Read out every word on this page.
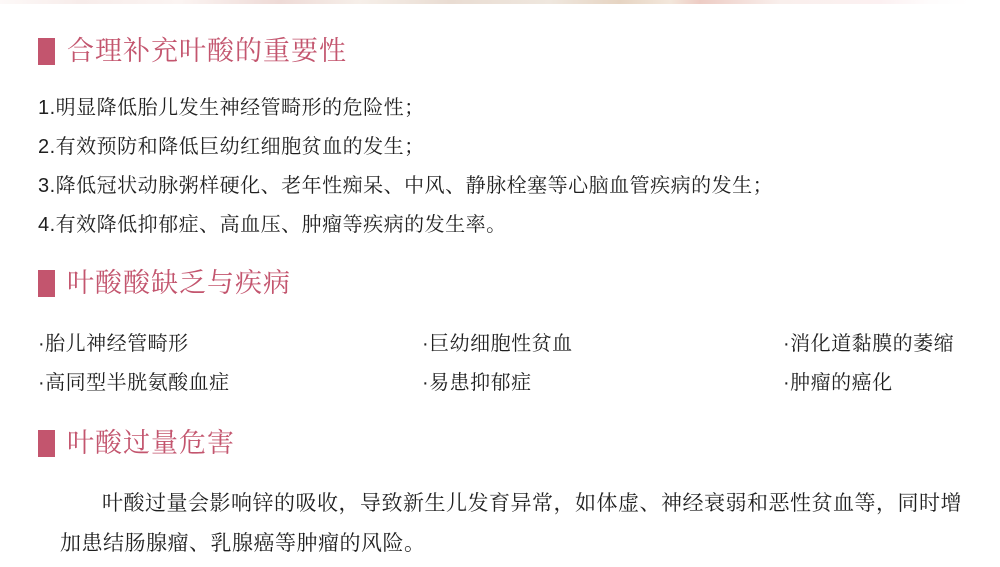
合理补充叶酸的重要性
1.明显降低胎儿发生神经管畸形的危险性；
2.有效预防和降低巨幼红细胞贫血的发生；
3.降低冠状动脉粥样硬化、老年性痴呆、中风、静脉栓塞等心脑血管疾病的发生；
4.有效降低抑郁症、高血压、肿瘤等疾病的发生率。
叶酸酸缺乏与疾病
·胎儿神经管畸形	·巨幼细胞性贫血	·消化道黏膜的萎缩
·高同型半胱氨酸血症	·易患抑郁症	·肿瘤的癌化
叶酸过量危害

叶酸过量会影响锌的吸收，导致新生儿发育异常，如体虚、神经衰弱和恶性贫血等，同时增加患结肠腺瘤、乳腺癌等肿瘤的风险。
